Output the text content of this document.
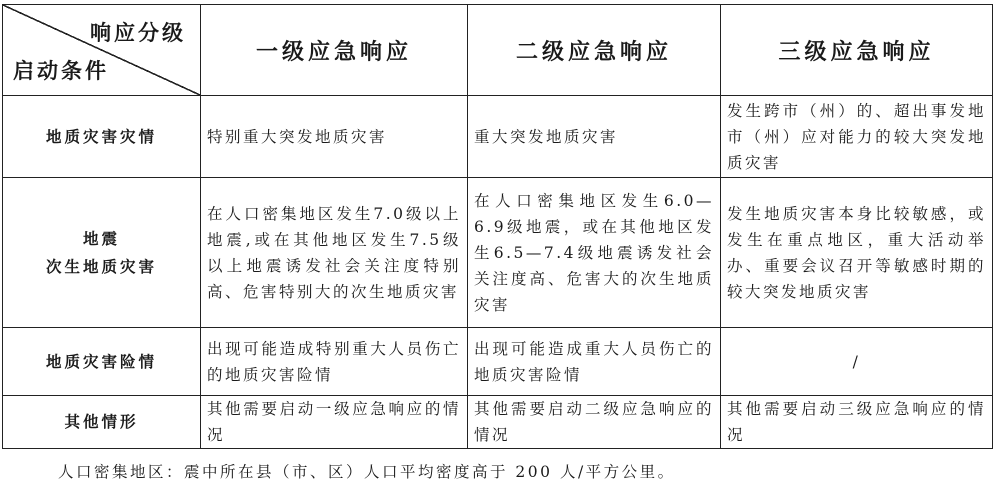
响应分级
启动条件	一级应急响应	二级应急响应	三级应急响应
地质灾害灾情	特别重大突发地质灾害	重大突发地质灾害	发生跨市（州）的、超出事发地市（州）应对能力的较大突发地质灾害

地震
次生地质灾害	在人口密集地区发生7.0级以上地震,或在其他地区发生7.5级以上地震诱发社会关注度特别高、危害特别大的次生地质灾害	在人口密集地区发生6.0—6.9级地震，或在其他地区发生6.5—7.4级地震诱发社会关注度高、危害大的次生地质灾害	发生地质灾害本身比较敏感，或发生在重点地区，重大活动举办、重要会议召开等敏感时期的较大突发地质灾害
地质灾害险情	出现可能造成特别重大人员伤亡的地质灾害险情	出现可能造成重大人员伤亡的地质灾害险情	/
其他情形	其他需要启动一级应急响应的情况	其他需要启动二级应急响应的情况	其他需要启动三级应急响应的情况
人口密集地区：震中所在县（市、区）人口平均密度高于 200 人/平方公里。
